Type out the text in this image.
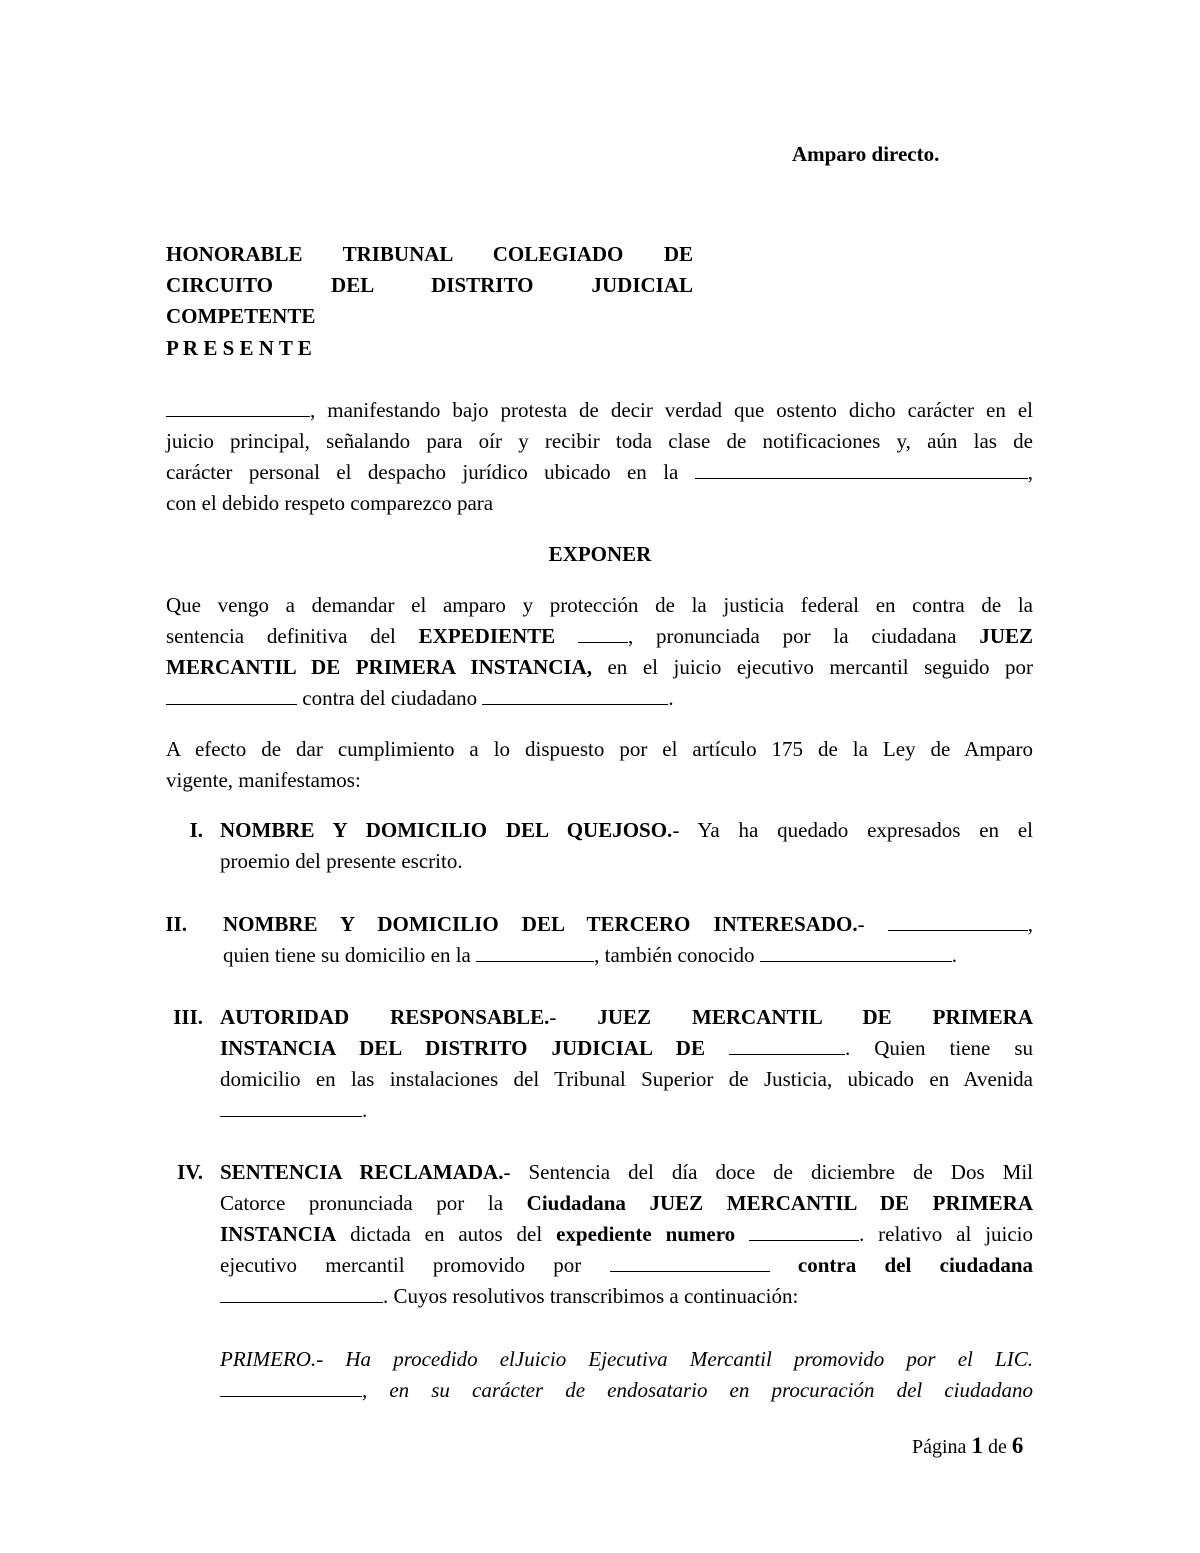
Amparo directo.
HONORABLE TRIBUNAL COLEGIADO DE
CIRCUITO DEL DISTRITO JUDICIAL
COMPETENTE
P R E S E N T E
, manifestando bajo protesta de decir verdad que ostento dicho carácter en el
juicio principal, señalando para oír y recibir toda clase de notificaciones y, aún las de
carácter personal el despacho jurídico ubicado en la	,
con el debido respeto comparezco para
EXPONER
Que vengo a demandar el amparo y protección de la justicia federal en contra de la
sentencia definitiva del EXPEDIENTE	, pronunciada por la ciudadana JUEZ
MERCANTIL DE PRIMERA INSTANCIA, en el juicio ejecutivo mercantil seguido por
contra del ciudadano	.
A efecto de dar cumplimiento a lo dispuesto por el artículo 175 de la Ley de Amparo
vigente, manifestamos:
I. NOMBRE Y DOMICILIO DEL QUEJOSO.- Ya ha quedado expresados en el
proemio del presente escrito.
II. NOMBRE Y DOMICILIO DEL TERCERO INTERESADO.-	,
quien tiene su domicilio en la	, también conocido	.
III. AUTORIDAD RESPONSABLE.- JUEZ MERCANTIL DE PRIMERA
INSTANCIA DEL DISTRITO JUDICIAL DE	. Quien tiene su
domicilio en las instalaciones del Tribunal Superior de Justicia, ubicado en Avenida
.
IV. SENTENCIA RECLAMADA.- Sentencia del día doce de diciembre de Dos Mil
Catorce pronunciada por la Ciudadana JUEZ MERCANTIL DE PRIMERA
INSTANCIA dictada en autos del expediente numero	. relativo al juicio
ejecutivo mercantil promovido por	contra del ciudadana
. Cuyos resolutivos transcribimos a continuación:
PRIMERO.- Ha procedido elJuicio Ejecutiva Mercantil promovido por el LIC.
, en su carácter de endosatario en procuración del ciudadano
Página 1 de 6
